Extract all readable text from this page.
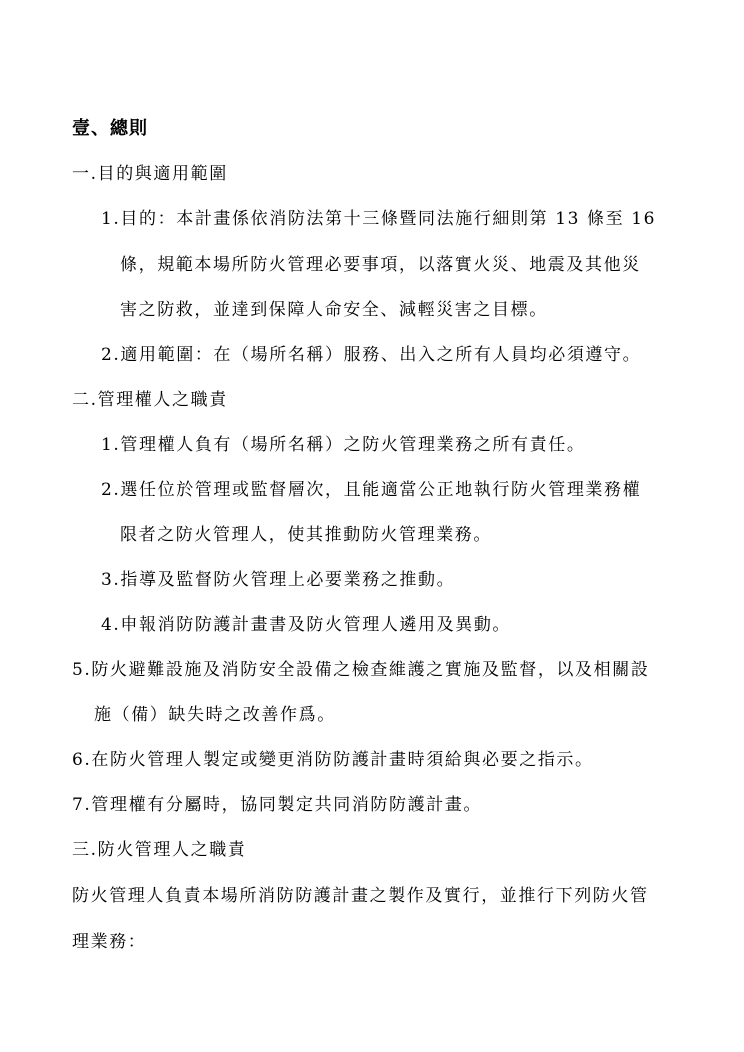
壹、總則
一.目的與適用範圍
1.目的：本計畫係依消防法第十三條暨同法施行細則第 13 條至 16
條，規範本場所防火管理必要事項，以落實火災、地震及其他災
害之防救，並達到保障人命安全、減輕災害之目標。
2.適用範圍：在（場所名稱）服務、出入之所有人員均必須遵守。
二.管理權人之職責
1.管理權人負有（場所名稱）之防火管理業務之所有責任。
2.選任位於管理或監督層次，且能適當公正地執行防火管理業務權
限者之防火管理人，使其推動防火管理業務。
3.指導及監督防火管理上必要業務之推動。
4.申報消防防護計畫書及防火管理人遴用及異動。
5.防火避難設施及消防安全設備之檢查維護之實施及監督，以及相關設
施（備）缺失時之改善作爲。
6.在防火管理人製定或變更消防防護計畫時須給與必要之指示。
7.管理權有分屬時，協同製定共同消防防護計畫。
三.防火管理人之職責
防火管理人負責本場所消防防護計畫之製作及實行，並推行下列防火管
理業務：
